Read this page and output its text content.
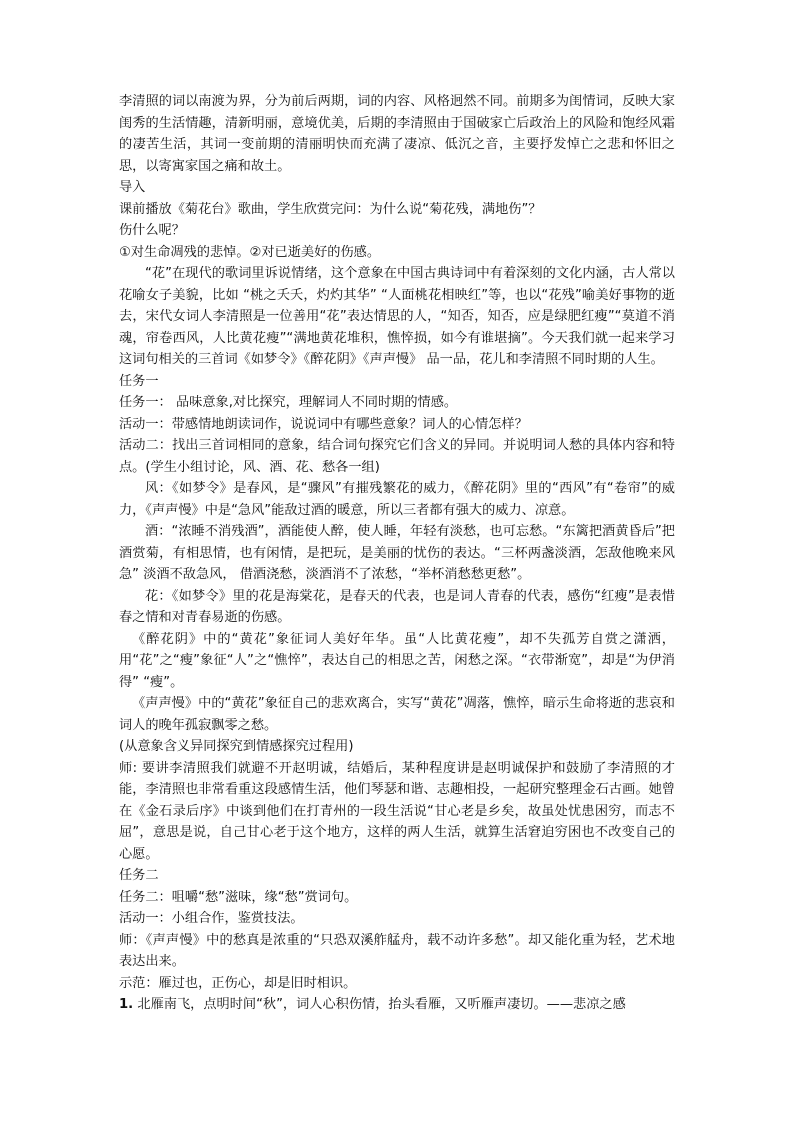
李清照的词以南渡为界，分为前后两期，词的内容、风格迥然不同。前期多为闺情词，反映大家闺秀的生活情趣，清新明丽，意境优美，后期的李清照由于国破家亡后政治上的风险和饱经风霜的凄苦生活，其词一变前期的清丽明快而充满了凄凉、低沉之音，主要抒发悼亡之悲和怀旧之思，以寄寓家国之痛和故土。

导入

课前播放《菊花台》歌曲，学生欣赏完问：为什么说“菊花残，满地伤”？

伤什么呢？

①对生命凋残的悲悼。②对已逝美好的伤感。

“花”在现代的歌词里诉说情绪，这个意象在中国古典诗词中有着深刻的文化内涵，古人常以花喻女子美貌，比如 “桃之夭夭，灼灼其华” “人面桃花相映红”等，也以“花残”喻美好事物的逝去，宋代女词人李清照是一位善用“花”表达情思的人，“知否，知否，应是绿肥红瘦”“莫道不消魂，帘卷西风，人比黄花瘦”“满地黄花堆积，憔悴损，如今有谁堪摘”。今天我们就一起来学习这词句相关的三首词《如梦令》《醉花阴》《声声慢》 品一品，花儿和李清照不同时期的人生。

任务一

任务一： 品味意象,对比探究，理解词人不同时期的情感。

活动一：带感情地朗读词作，说说词中有哪些意象？词人的心情怎样？

活动二：找出三首词相同的意象，结合词句探究它们含义的异同。并说明词人愁的具体内容和特点。(学生小组讨论，风、酒、花、愁各一组)

风：《如梦令》是春风，是“骤风”有摧残繁花的威力，《醉花阴》里的“西风”有“卷帘”的威力，《声声慢》中是“急风”能敌过酒的暖意，所以三者都有强大的威力、凉意。

酒：“浓睡不消残酒”，酒能使人醉，使人睡，年轻有淡愁，也可忘愁。“东篱把酒黄昏后”把酒赏菊，有相思情，也有闲情，是把玩，是美丽的忧伤的表达。“三杯两盏淡酒，怎敌他晚来风急” 淡酒不敌急风， 借酒浇愁，淡酒消不了浓愁，“举杯消愁愁更愁”。

花：《如梦令》里的花是海棠花，是春天的代表，也是词人青春的代表，感伤“红瘦”是表惜春之情和对青春易逝的伤感。

《醉花阴》中的“黄花”象征词人美好年华。虽“人比黄花瘦”，却不失孤芳自赏之潇洒，用“花”之“瘦”象征“人”之“憔悴”，表达自己的相思之苦，闲愁之深。“衣带渐宽”，却是“为伊消 得” “瘦”。

《声声慢》中的“黄花”象征自己的悲欢离合，实写“黄花”凋落，憔悴，暗示生命将逝的悲哀和词人的晚年孤寂飘零之愁。

(从意象含义异同探究到情感探究过程用)

师: 要讲李清照我们就避不开赵明诚，结婚后，某种程度讲是赵明诚保护和鼓励了李清照的才能，李清照也非常看重这段感情生活，他们琴瑟和谐、志趣相投，一起研究整理金石古画。她曾在《金石录后序》中谈到他们在打青州的一段生活说“甘心老是乡矣，故虽处忧患困穷，而志不屈”，意思是说，自己甘心老于这个地方，这样的两人生活，就算生活窘迫穷困也不改变自己的心愿。

任务二

任务二：咀嚼“愁”滋味，缘“愁”赏词句。

活动一：小组合作，鉴赏技法。

师：《声声慢》中的愁真是浓重的“只恐双溪舴艋舟，载不动许多愁”。却又能化重为轻，艺术地表达出来。

示范：雁过也，正伤心，却是旧时相识。

1. 北雁南飞，点明时间“秋”，词人心积伤情，抬头看雁，又听雁声凄切。——悲凉之感
